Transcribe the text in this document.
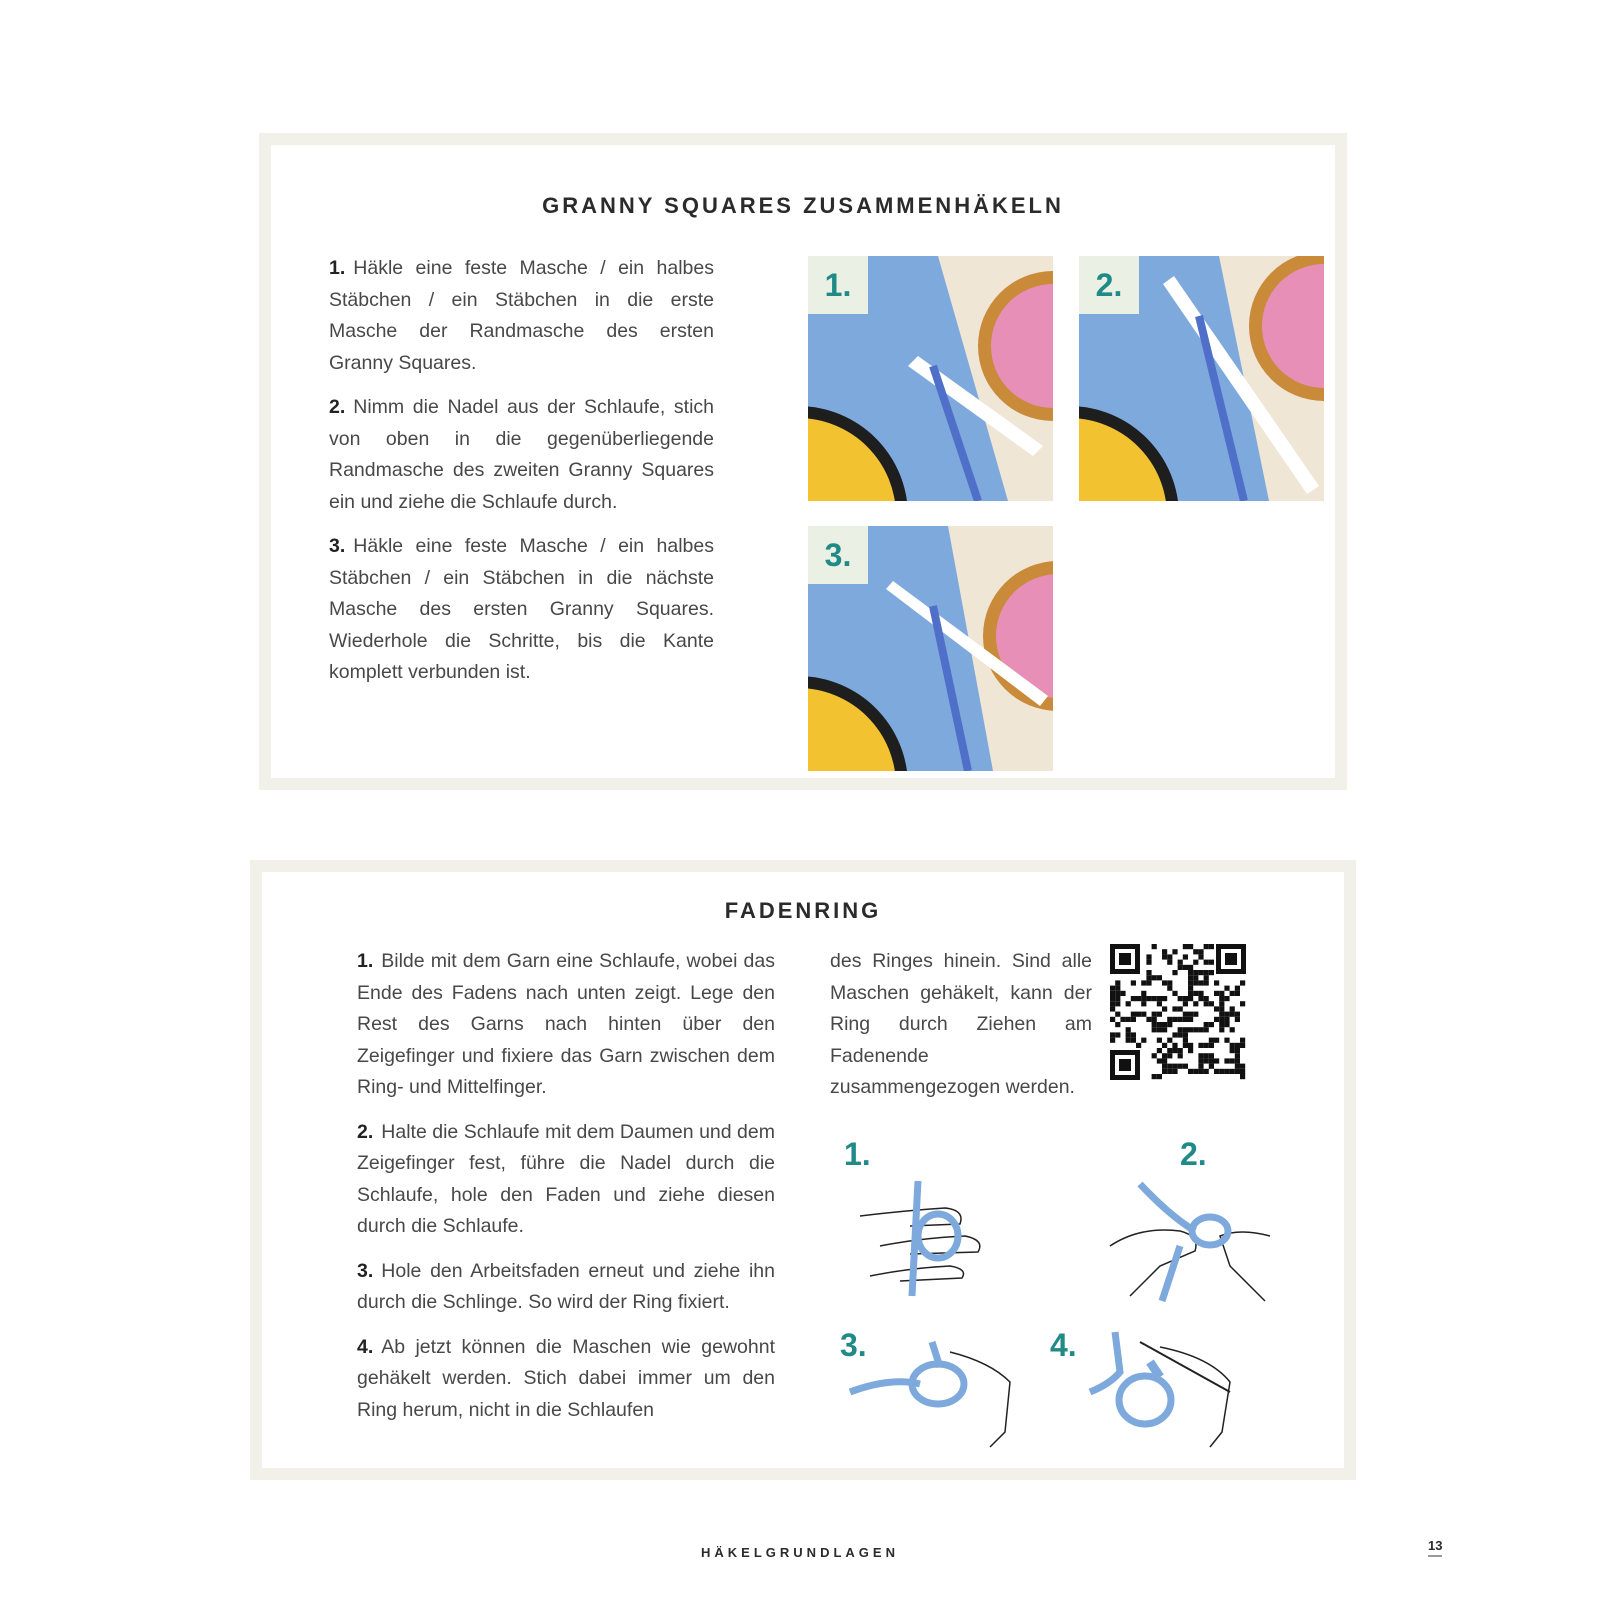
GRANNY SQUARES ZUSAMMENHÄKELN

1. Häkle eine feste Masche / ein halbes Stäbchen / ein Stäbchen in die erste Masche der Randmasche des ersten Granny Squares.

2. Nimm die Nadel aus der Schlaufe, stich von oben in die gegenüberliegende Randmasche des zweiten Granny Squares ein und ziehe die Schlaufe durch.

3. Häkle eine feste Masche / ein halbes Stäbchen / ein Stäbchen in die nächste Masche des ersten Granny Squares. Wiederhole die Schritte, bis die Kante komplett verbunden ist.

1.	2.
3.
FADENRING

1. Bilde mit dem Garn eine Schlaufe, wobei das Ende des Fadens nach unten zeigt. Lege den Rest des Garns nach hinten über den Zeigefinger und fixiere das Garn zwischen dem Ring- und Mittelfinger.

2. Halte die Schlaufe mit dem Daumen und dem Zeigefinger fest, führe die Nadel durch die Schlaufe, hole den Faden und ziehe diesen durch die Schlaufe.

3. Hole den Arbeitsfaden erneut und ziehe ihn durch die Schlinge. So wird der Ring fixiert.

4. Ab jetzt können die Maschen wie gewohnt gehäkelt werden. Stich dabei immer um den Ring herum, nicht in die Schlaufen

des Ringes hinein. Sind alle Maschen gehäkelt, kann der Ring durch Ziehen am Fadenende zusammengezogen werden.
1.	2.
3.	4.
HÄKELGRUNDLAGEN	13
